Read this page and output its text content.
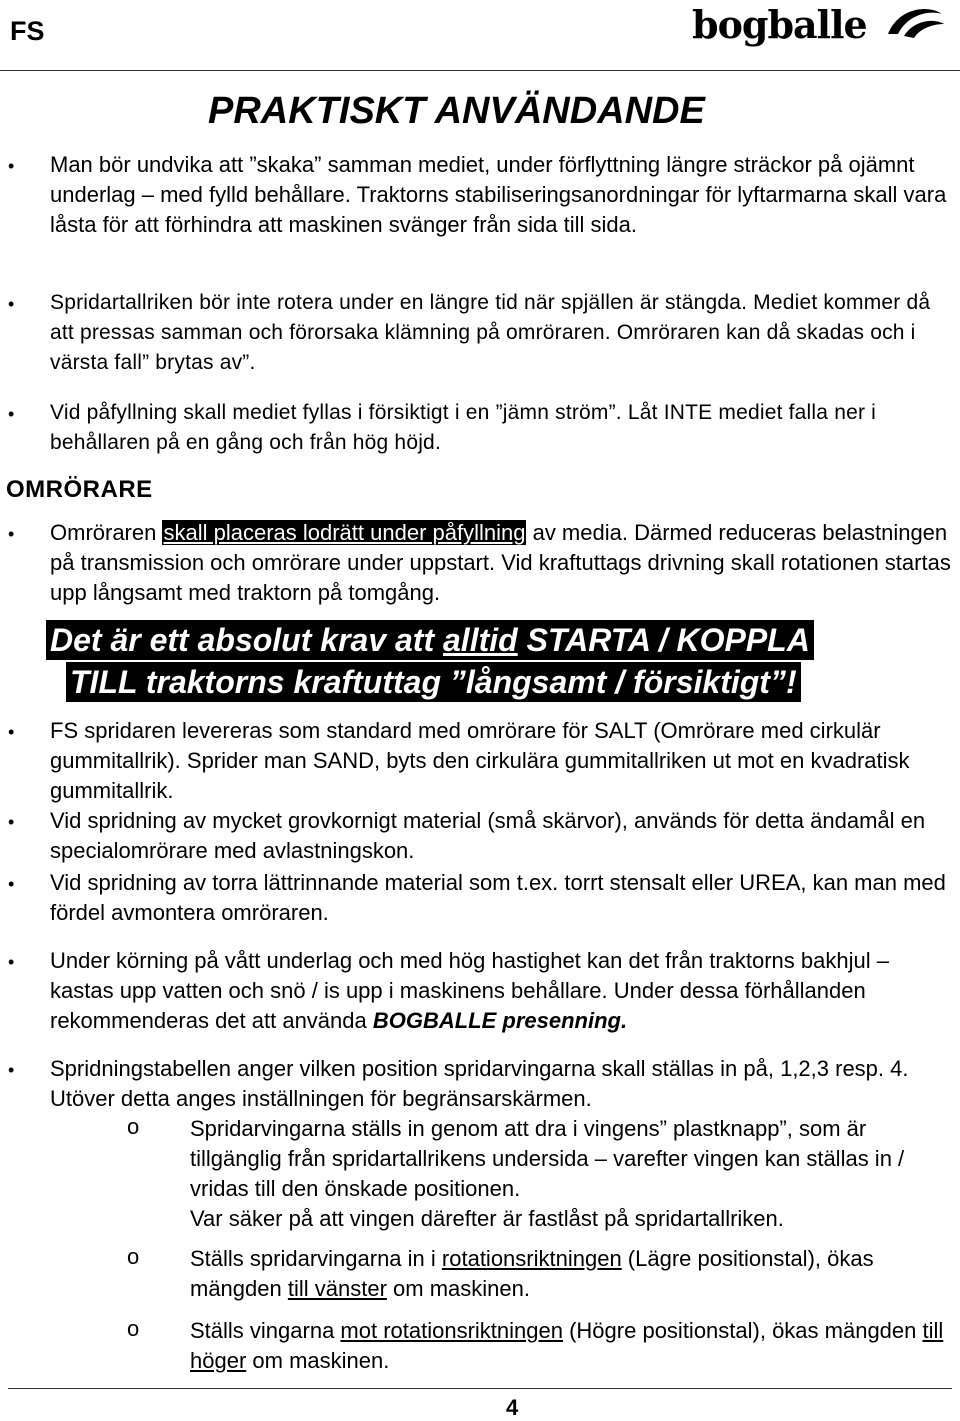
FS	bogballe
PRAKTISKT ANVÄNDANDE
• Man bör undvika att ”skaka” samman mediet, under förflyttning längre sträckor på ojämnt underlag – med fylld behållare. Traktorns stabiliseringsanordningar för lyftarmarna skall vara låsta för att förhindra att maskinen svänger från sida till sida.
• Spridartallriken bör inte rotera under en längre tid när spjällen är stängda. Mediet kommer då att pressas samman och förorsaka klämning på omröraren. Omröraren kan då skadas och i värsta fall” brytas av”.
• Vid påfyllning skall mediet fyllas i försiktigt i en ”jämn ström”. Låt INTE mediet falla ner i behållaren på en gång och från hög höjd.
OMRÖRARE
• Omröraren skall placeras lodrätt under påfyllning av media. Därmed reduceras belastningen på transmission och omrörare under uppstart. Vid kraftuttags drivning skall rotationen startas upp långsamt med traktorn på tomgång.
Det är ett absolut krav att alltid STARTA / KOPPLA
TILL traktorns kraftuttag ”långsamt / försiktigt”!
• FS spridaren levereras som standard med omrörare för SALT (Omrörare med cirkulär gummitallrik). Sprider man SAND, byts den cirkulära gummitallriken ut mot en kvadratisk gummitallrik.
• Vid spridning av mycket grovkornigt material (små skärvor), används för detta ändamål en specialomrörare med avlastningskon.
• Vid spridning av torra lättrinnande material som t.ex. torrt stensalt eller UREA, kan man med fördel avmontera omröraren.
• Under körning på vått underlag och med hög hastighet kan det från traktorns bakhjul – kastas upp vatten och snö / is upp i maskinens behållare. Under dessa förhållanden rekommenderas det att använda BOGBALLE presenning.
• Spridningstabellen anger vilken position spridarvingarna skall ställas in på, 1,2,3 resp. 4. Utöver detta anges inställningen för begränsarskärmen.
o Spridarvingarna ställs in genom att dra i vingens” plastknapp”, som är tillgänglig från spridartallrikens undersida – varefter vingen kan ställas in / vridas till den önskade positionen.
Var säker på att vingen därefter är fastlåst på spridartallriken.
o Ställs spridarvingarna in i rotationsriktningen (Lägre positionstal), ökas mängden till vänster om maskinen.
o Ställs vingarna mot rotationsriktningen (Högre positionstal), ökas mängden till höger om maskinen.
4
